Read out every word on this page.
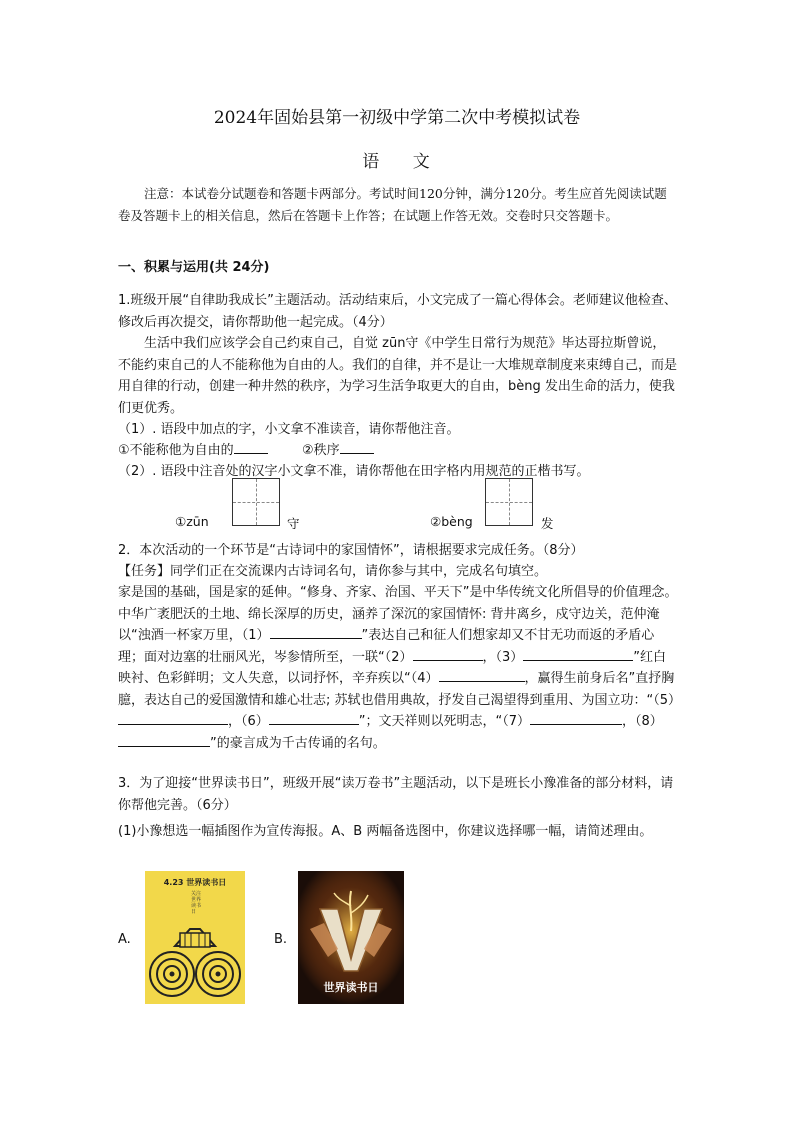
2024年固始县第一初级中学第二次中考模拟试卷
语 文
注意：本试卷分试题卷和答题卡两部分。考试时间120分钟，满分120分。考生应首先阅读试题卷及答题卡上的相关信息，然后在答题卡上作答；在试题上作答无效。交卷时只交答题卡。
一、积累与运用(共 24分)
1.班级开展“自律助我成长”主题活动。活动结束后，小文完成了一篇心得体会。老师建议他检查、修改后再次提交，请你帮助他一起完成。（4分）
生活中我们应该学会自己约束自己，自觉 zūn守《中学生日常行为规范》毕达哥拉斯曾说，不能约束自己的人不能称他为自由的人。我们的自律，并不是让一大堆规章制度来束缚自己，而是用自律的行动，创建一种井然的秩序，为学习生活争取更大的自由，bèng 发出生命的活力，使我们更优秀。
（1）. 语段中加点的字，小文拿不准读音，请你帮他注音。
①不能称他为自由的	②秩序
（2）. 语段中注音处的汉字小文拿不准，请你帮他在田字格内用规范的正楷书写。
①zūn	守	②bèng	发
2．本次活动的一个环节是“古诗词中的家国情怀”，请根据要求完成任务。（8分）
【任务】同学们正在交流课内古诗词名句，请你参与其中，完成名句填空。
家是国的基础，国是家的延伸。“修身、齐家、治国、平天下”是中华传统文化所倡导的价值理念。中华广袤肥沃的土地、绵长深厚的历史，涵养了深沉的家国情怀: 背井离乡，戍守边关，范仲淹以“浊酒一杯家万里，（1）	”表达自己和征人们想家却又不甘无功而返的矛盾心理；面对边塞的壮丽风光，岑参情所至，一联“（2）	，（3）	”红白映衬、色彩鲜明；文人失意，以词抒怀，辛弃疾以“（4）	，赢得生前身后名”直抒胸臆，表达自己的爱国激情和雄心壮志; 苏轼也借用典故，抒发自己渴望得到重用、为国立功：“（5），（6）	”；文天祥则以死明志，“（7）	，（8）”的豪言成为千古传诵的名句。
3．为了迎接“世界读书日”，班级开展“读万卷书”主题活动，以下是班长小豫准备的部分材料，请你帮他完善。（6分）
(1)小豫想选一幅插图作为宣传海报。A、B 两幅备选图中，你建议选择哪一幅，请简述理由。
A.
4.23 世界读书日
关注世界读书日
B.
世界读书日
